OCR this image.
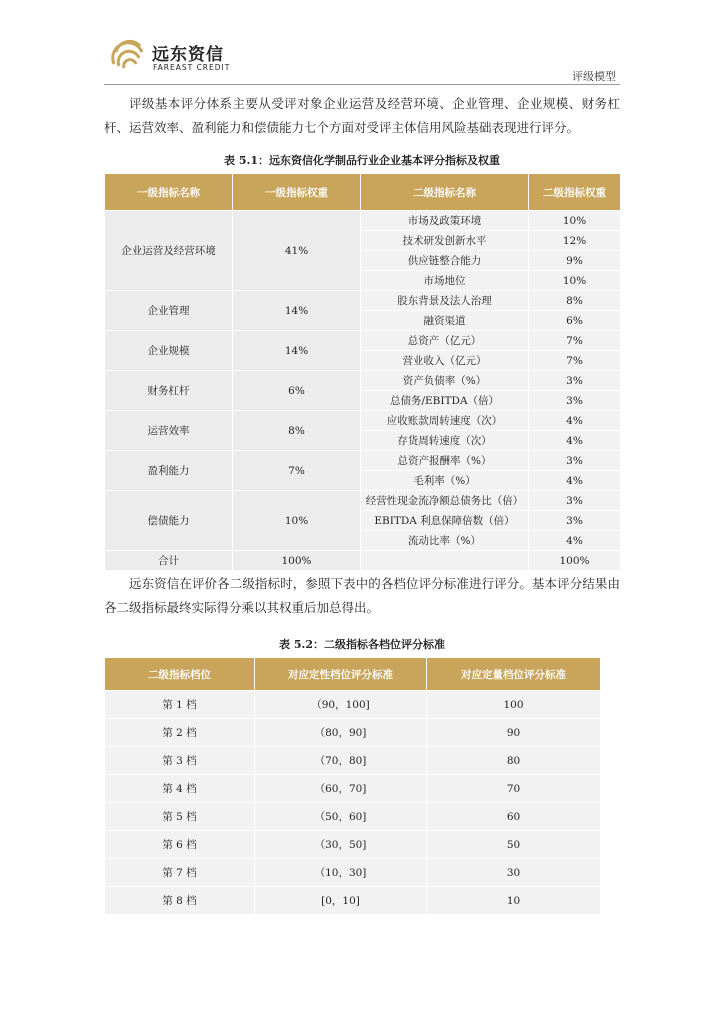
远东资信
FAREAST CREDIT
评级模型

评级基本评分体系主要从受评对象企业运营及经营环境、企业管理、企业规模、财务杠杆、运营效率、盈利能力和偿债能力七个方面对受评主体信用风险基础表现进行评分。

表 5.1：远东资信化学制品行业企业基本评分指标及权重
一级指标名称	一级指标权重	二级指标名称	二级指标权重
企业运营及经营环境	41%	市场及政策环境	10%
		技术研发创新水平	12%
		供应链整合能力	9%
		市场地位	10%
企业管理	14%	股东背景及法人治理	8%
		融资渠道	6%
企业规模	14%	总资产（亿元）	7%
		营业收入（亿元）	7%
财务杠杆	6%	资产负债率（%）	3%
		总债务/EBITDA（倍）	3%
运营效率	8%	应收账款周转速度（次）	4%
		存货周转速度（次）	4%
盈利能力	7%	总资产报酬率（%）	3%
		毛利率（%）	4%
偿债能力	10%	经营性现金流净额总债务比（倍）	3%
		EBITDA 利息保障倍数（倍）	3%
		流动比率（%）	4%
合计	100%		100%

远东资信在评价各二级指标时，参照下表中的各档位评分标准进行评分。基本评分结果由各二级指标最终实际得分乘以其权重后加总得出。

表 5.2：二级指标各档位评分标准
二级指标档位	对应定性档位评分标准	对应定量档位评分标准
第 1 档	（90，100]	100
第 2 档	（80，90]	90
第 3 档	（70，80]	80
第 4 档	（60，70]	70
第 5 档	（50，60]	60
第 6 档	（30，50]	50
第 7 档	（10，30]	30
第 8 档	[0，10]	10
